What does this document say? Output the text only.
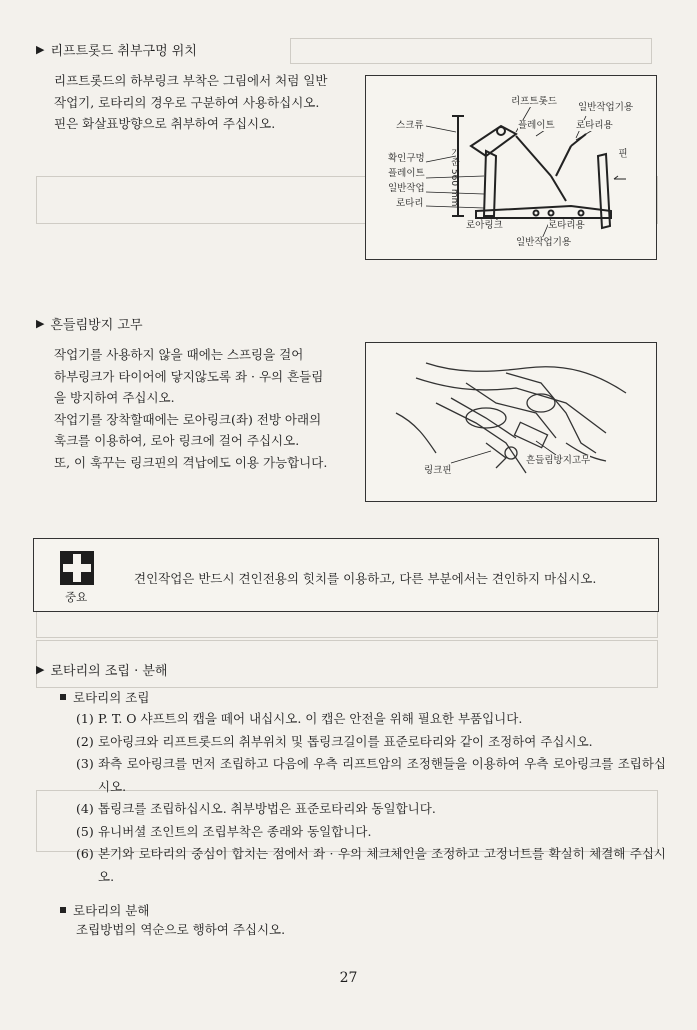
▶ 리프트롯드 취부구멍 위치

리프트롯드의 하부링크 부착은 그림에서 처럼 일반

작업기, 로타리의 경우로 구분하여 사용하십시오.

핀은 화살표방향으로 취부하여 주십시오.

리프트롯드
일반작업기용
스크류	플레이트 로타리용
확인구멍	기준 560 mm
플레이트
일반작업
로타리
핀
로아링크	로타리용
일반작업기용

▶ 흔들림방지 고무

작업기를 사용하지 않을 때에는 스프링을 걸어

하부링크가 타이어에 닿지않도록 좌 · 우의 흔들림

을 방지하여 주십시오.

작업기를 장착할때에는 로아링크(좌) 전방 아래의

훅크를 이용하여, 로아 링크에 걸어 주십시오.

또, 이 훅꾸는 링크핀의 격납에도 이용 가능합니다.

링크핀
흔들림방지고무
중요
견인작업은 반드시 견인전용의 힛치를 이용하고, 다른 부분에서는 견인하지 마십시오.
▶ 로타리의 조립 · 분해
로타리의 조립
(1) P. T. O 샤프트의 캡을 떼어 내십시오. 이 캡은 안전을 위해 필요한 부품입니다.
(2) 로아링크와 리프트롯드의 취부위치 및 톱링크길이를 표준로타리와 같이 조정하여 주십시오.
(3) 좌측 로아링크를 먼저 조립하고 다음에 우측 리프트암의 조정핸들을 이용하여 우측 로아링크를 조립하십시오.
(4) 톱링크를 조립하십시오. 취부방법은 표준로타리와 동일합니다.
(5) 유니버셜 조인트의 조립부착은 종래와 동일합니다.
(6) 본기와 로타리의 중심이 합치는 점에서 좌 · 우의 체크체인을 조정하고 고정너트를 확실히 체결해 주십시오.
로타리의 분해
조립방법의 역순으로 행하여 주십시오.
27
